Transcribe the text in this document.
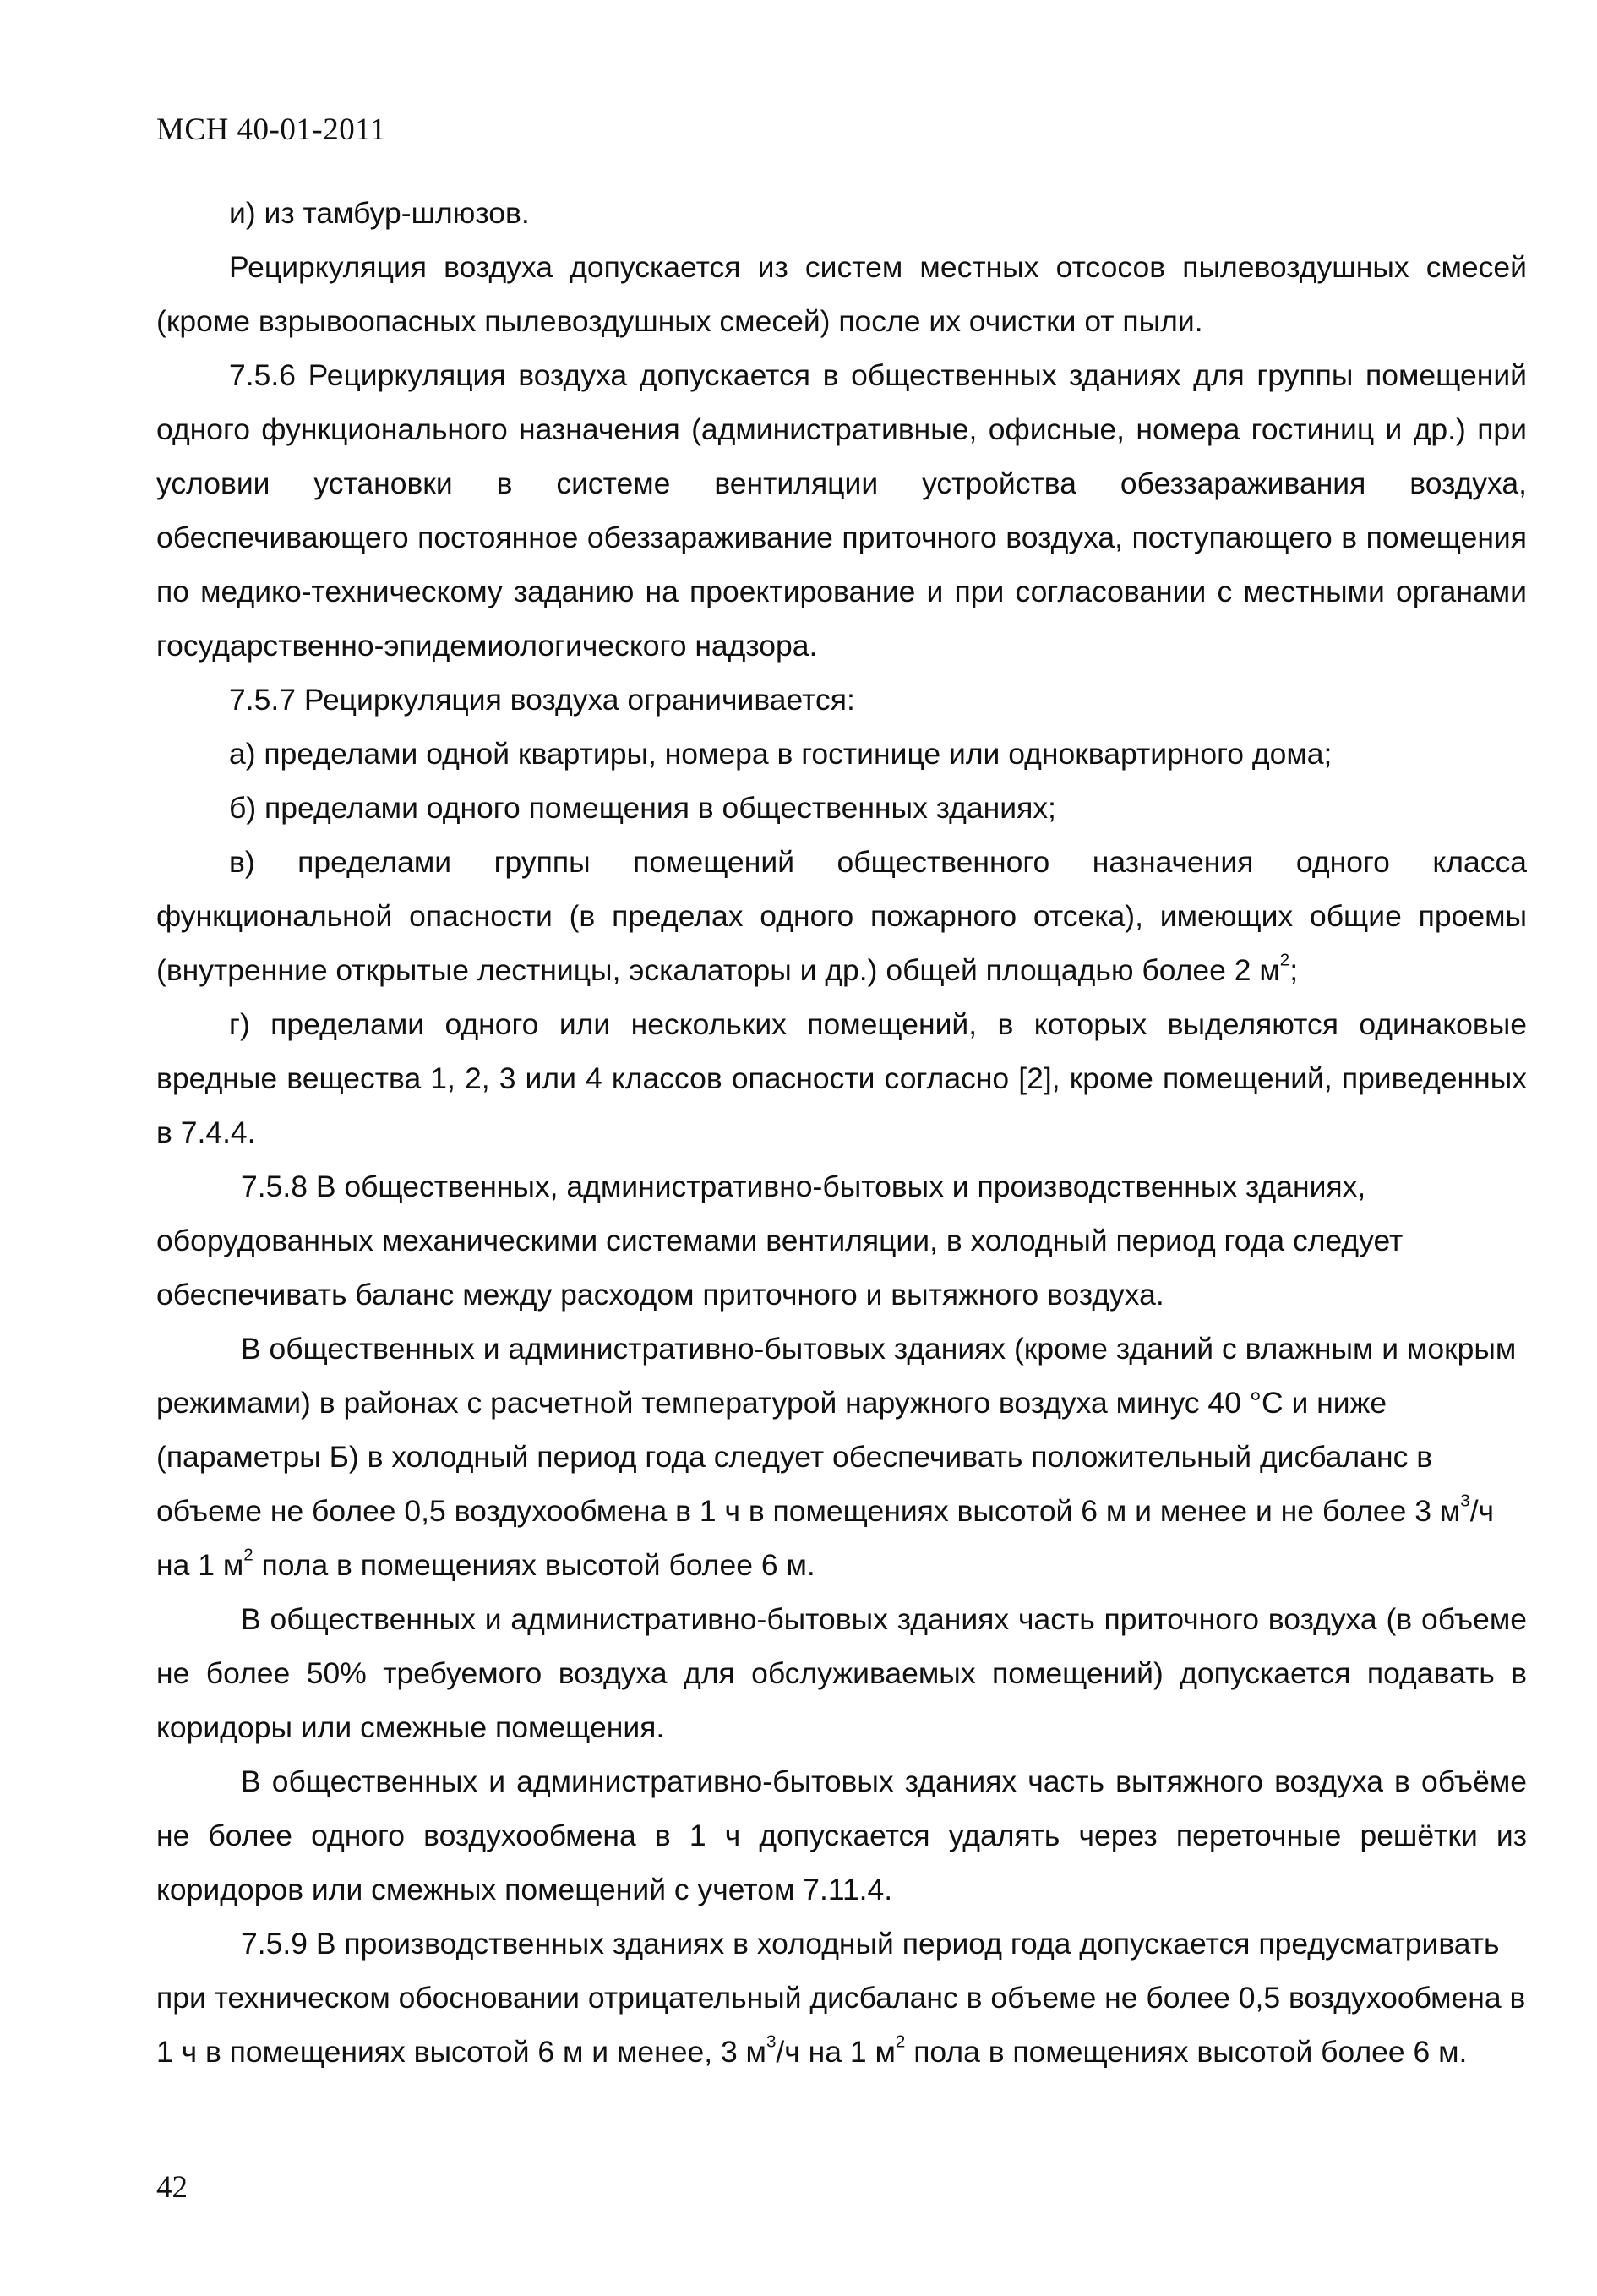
МСН 40-01-2011

и) из тамбур-шлюзов.

Рециркуляция воздуха допускается из систем местных отсосов пылевоздушных смесей (кроме взрывоопасных пылевоздушных смесей) после их очистки от пыли.

7.5.6 Рециркуляция воздуха допускается в общественных зданиях для группы помещений одного функционального назначения (административные, офисные, номера гостиниц и др.) при условии установки в системе вентиляции устройства обеззараживания воздуха, обеспечивающего постоянное обеззараживание приточного воздуха, поступающего в помещения по медико-техническому заданию на проектирование и при согласовании с местными органами государственно-эпидемиологического надзора.

7.5.7 Рециркуляция воздуха ограничивается:

а) пределами одной квартиры, номера в гостинице или одноквартирного дома;

б) пределами одного помещения в общественных зданиях;

в) пределами группы помещений общественного назначения одного класса функциональной опасности (в пределах одного пожарного отсека), имеющих общие проемы (внутренние открытые лестницы, эскалаторы и др.) общей площадью более 2 $м^2$;

г) пределами одного или нескольких помещений, в которых выделяются одинаковые вредные вещества 1, 2, 3 или 4 классов опасности согласно [2], кроме помещений, приведенных в 7.4.4.

7.5.8 В общественных, административно-бытовых и производственных зданиях, оборудованных механическими системами вентиляции, в холодный период года следует обеспечивать баланс между расходом приточного и вытяжного воздуха.

В общественных и административно-бытовых зданиях (кроме зданий с влажным и мокрым режимами) в районах с расчетной температурой наружного воздуха минус 40 °С и ниже (параметры Б) в холодный период года следует обеспечивать положительный дисбаланс в объеме не более 0,5 воздухообмена в 1 ч в помещениях высотой 6 м и менее и не более 3 $м^3/ч$ на 1 $м^2$ пола в помещениях высотой более 6 м.

В общественных и административно-бытовых зданиях часть приточного воздуха (в объеме не более 50% требуемого воздуха для обслуживаемых помещений) допускается подавать в коридоры или смежные помещения.

В общественных и административно-бытовых зданиях часть вытяжного воздуха в объёме не более одного воздухообмена в 1 ч допускается удалять через переточные решётки из коридоров или смежных помещений с учетом 7.11.4.

7.5.9 В производственных зданиях в холодный период года допускается предусматривать при техническом обосновании отрицательный дисбаланс в объеме не более 0,5 воздухообмена в 1 ч в помещениях высотой 6 м и менее, 3 $м^3/ч$ на 1 $м^2$ пола в помещениях высотой более 6 м.

42
